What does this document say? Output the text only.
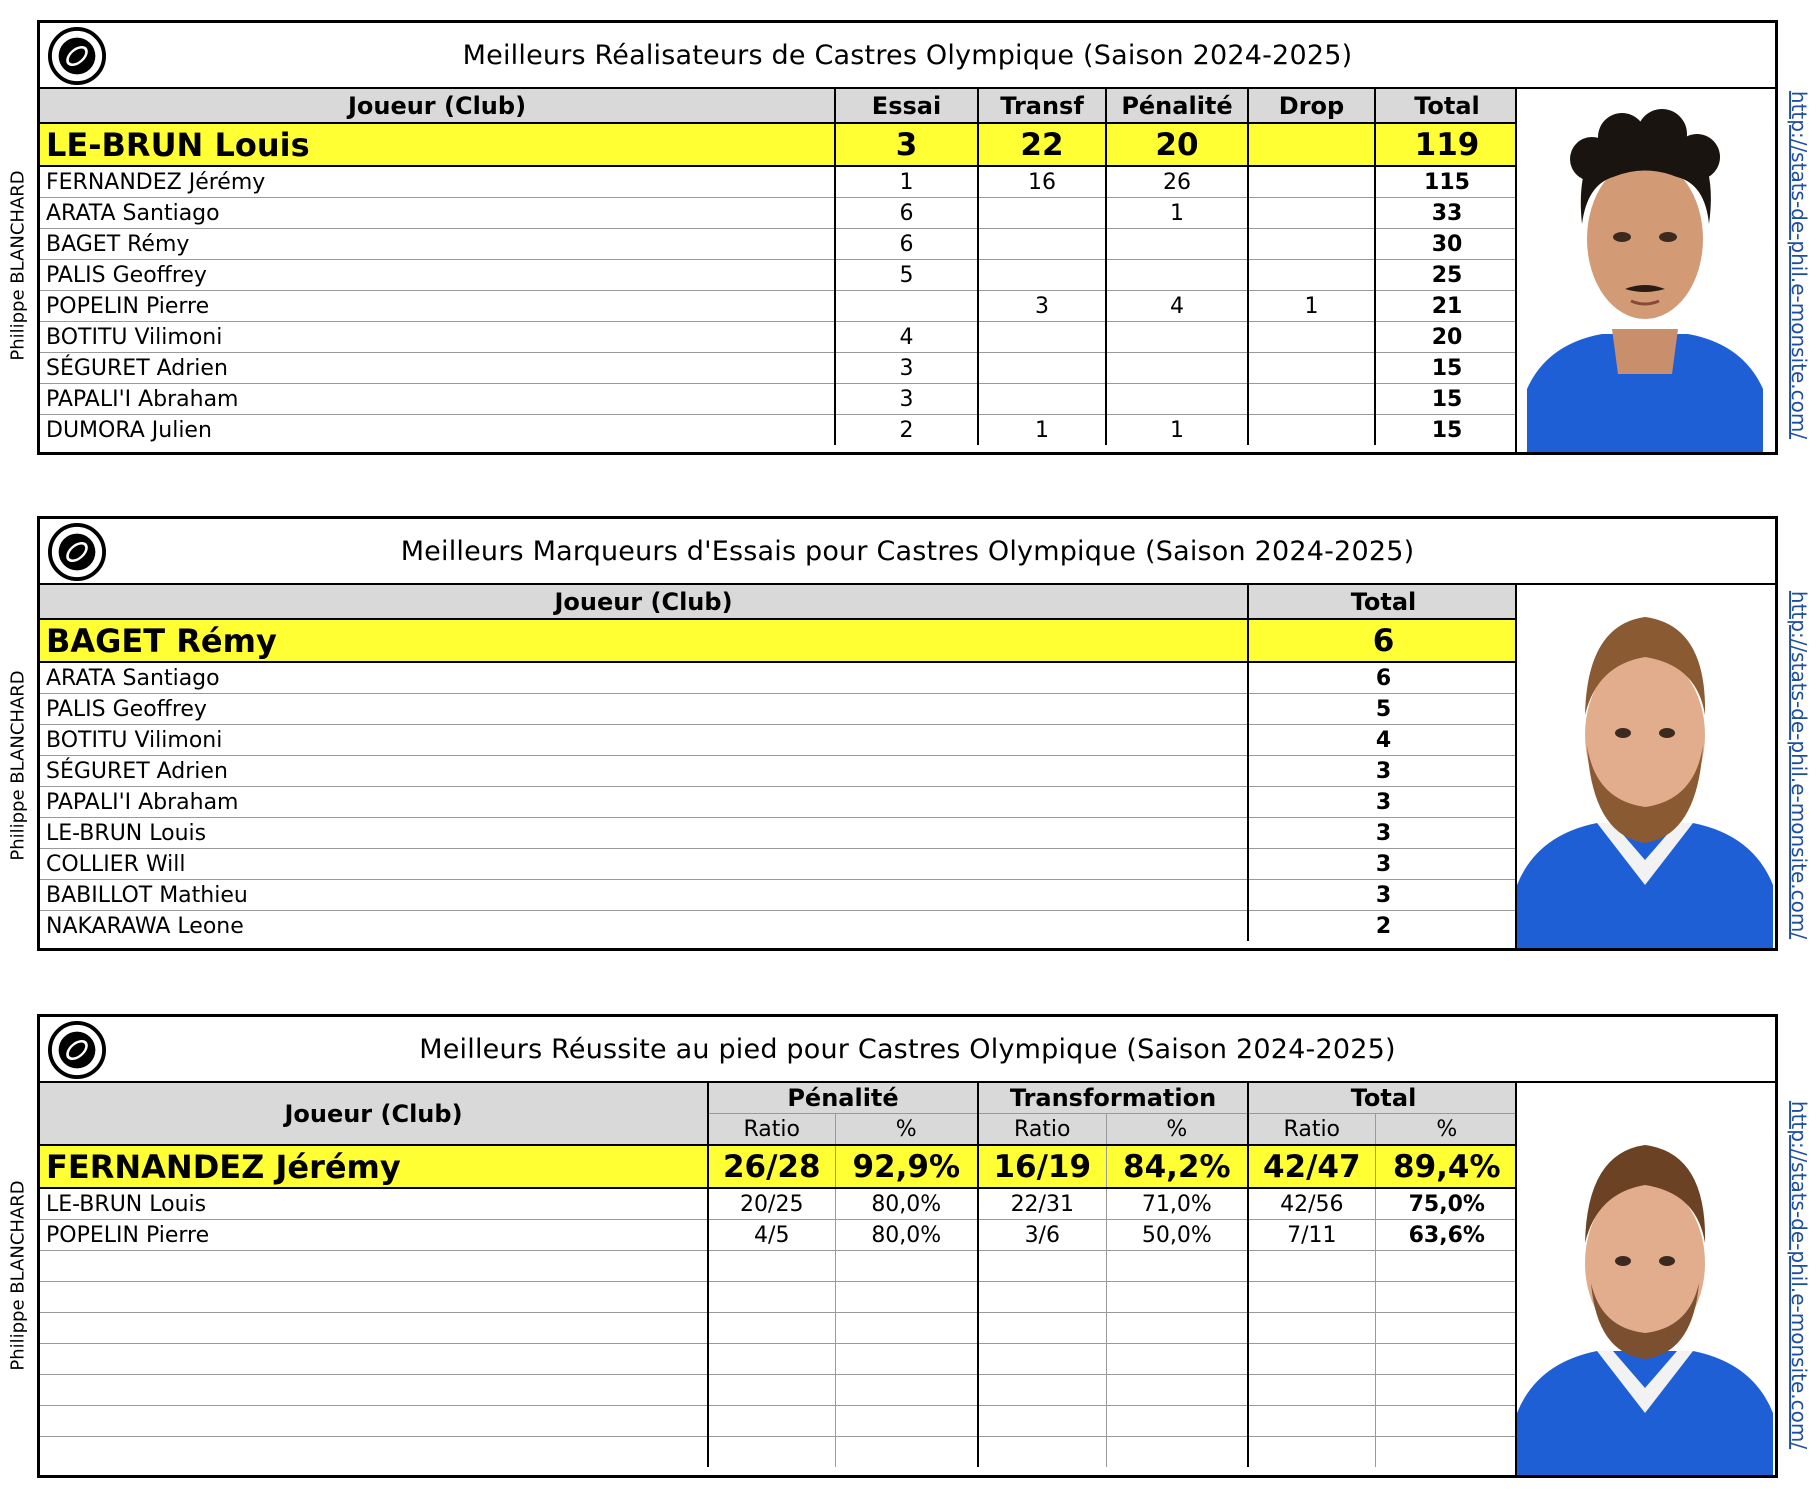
Philippe BLANCHARD
Philippe BLANCHARD
Philippe BLANCHARD
http://stats-de-phil.e-monsite.com/
http://stats-de-phil.e-monsite.com/
http://stats-de-phil.e-monsite.com/
Meilleurs Réalisateurs de Castres Olympique (Saison 2024-2025)
Joueur (Club)	Essai	Transf	Pénalité	Drop	Total
LE-BRUN Louis	3	22	20		119
FERNANDEZ Jérémy	1	16	26		115
ARATA Santiago	6		1		33
BAGET Rémy	6				30
PALIS Geoffrey	5				25
POPELIN Pierre		3	4	1	21
BOTITU Vilimoni	4				20
SÉGURET Adrien	3				15
PAPALI'I Abraham	3				15
DUMORA Julien	2	1	1		15
Meilleurs Marqueurs d'Essais pour Castres Olympique (Saison 2024-2025)
Joueur (Club)	Total
BAGET Rémy	6
ARATA Santiago	6
PALIS Geoffrey	5
BOTITU Vilimoni	4
SÉGURET Adrien	3
PAPALI'I Abraham	3
LE-BRUN Louis	3
COLLIER Will	3
BABILLOT Mathieu	3
NAKARAWA Leone	2
Meilleurs Réussite au pied pour Castres Olympique (Saison 2024-2025)
Joueur (Club)	Pénalité		Transformation		Total	
	Ratio	%	Ratio	%	Ratio	%
FERNANDEZ Jérémy	26/28	92,9%	16/19	84,2%	42/47	89,4%
LE-BRUN Louis	20/25	80,0%	22/31	71,0%	42/56	75,0%
POPELIN Pierre	4/5	80,0%	3/6	50,0%	7/11	63,6%
